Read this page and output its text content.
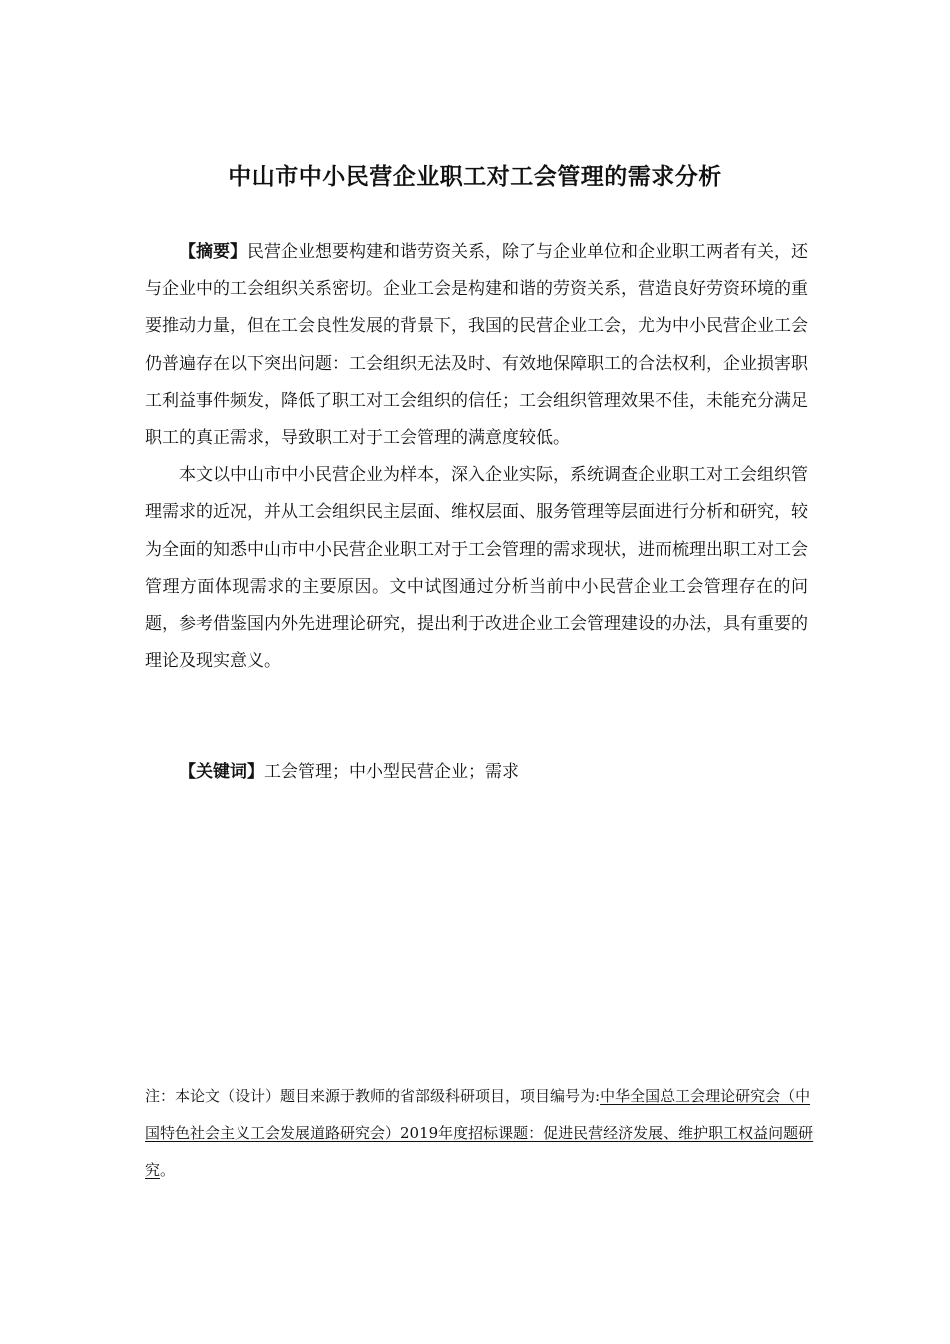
中山市中小民营企业职工对工会管理的需求分析

【摘要】民营企业想要构建和谐劳资关系，除了与企业单位和企业职工两者有关，还与企业中的工会组织关系密切。企业工会是构建和谐的劳资关系，营造良好劳资环境的重要推动力量，但在工会良性发展的背景下，我国的民营企业工会，尤为中小民营企业工会仍普遍存在以下突出问题：工会组织无法及时、有效地保障职工的合法权利，企业损害职工利益事件频发，降低了职工对工会组织的信任；工会组织管理效果不佳，未能充分满足职工的真正需求，导致职工对于工会管理的满意度较低。

本文以中山市中小民营企业为样本，深入企业实际，系统调查企业职工对工会组织管理需求的近况，并从工会组织民主层面、维权层面、服务管理等层面进行分析和研究，较为全面的知悉中山市中小民营企业职工对于工会管理的需求现状，进而梳理出职工对工会管理方面体现需求的主要原因。文中试图通过分析当前中小民营企业工会管理存在的问题，参考借鉴国内外先进理论研究，提出利于改进企业工会管理建设的办法，具有重要的理论及现实意义。

【关键词】工会管理；中小型民营企业；需求

注：本论文（设计）题目来源于教师的省部级科研项目，项目编号为:中华全国总工会理论研究会（中国特色社会主义工会发展道路研究会）2019年度招标课题：促进民营经济发展、维护职工权益问题研究。
